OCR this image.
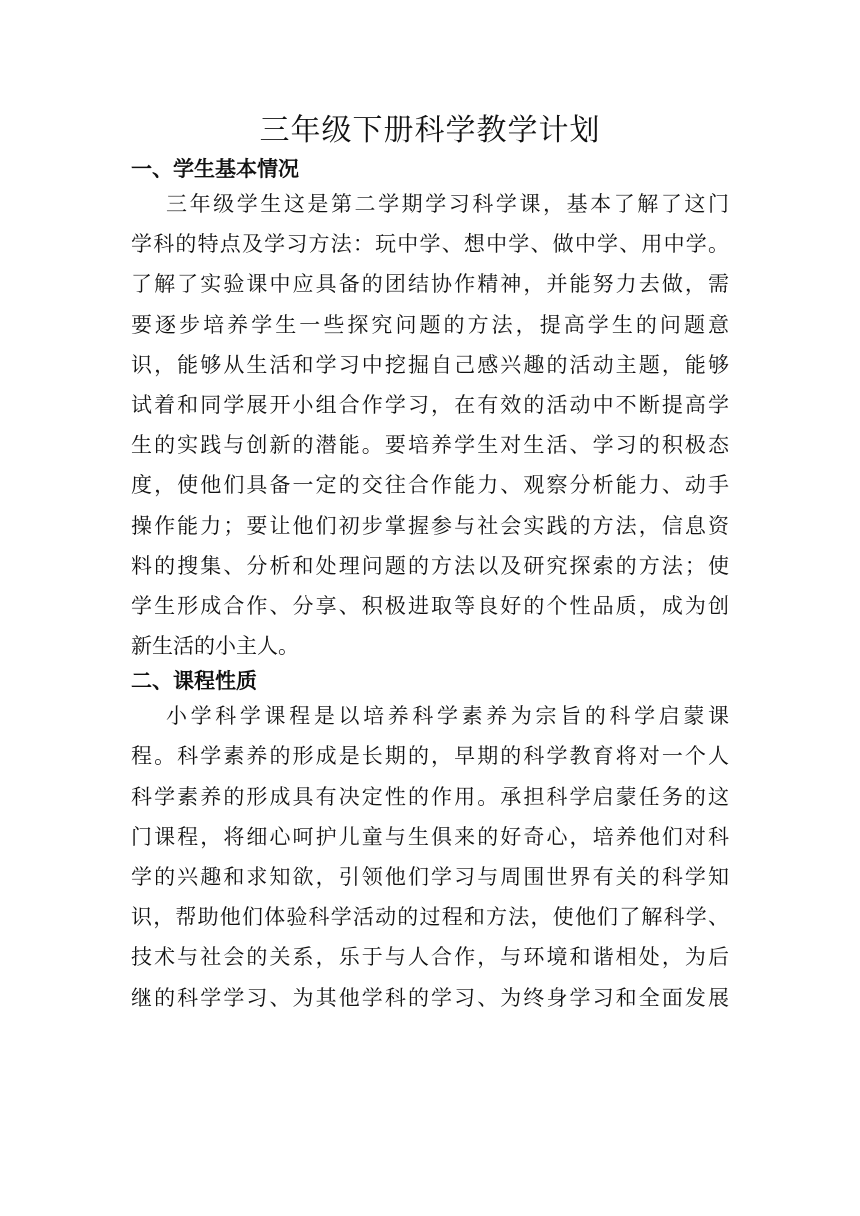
三年级下册科学教学计划
一、学生基本情况
三年级学生这是第二学期学习科学课，基本了解了这门
学科的特点及学习方法：玩中学、想中学、做中学、用中学。
了解了实验课中应具备的团结协作精神，并能努力去做，需
要逐步培养学生一些探究问题的方法，提高学生的问题意
识，能够从生活和学习中挖掘自己感兴趣的活动主题，能够
试着和同学展开小组合作学习，在有效的活动中不断提高学
生的实践与创新的潜能。要培养学生对生活、学习的积极态
度，使他们具备一定的交往合作能力、观察分析能力、动手
操作能力；要让他们初步掌握参与社会实践的方法，信息资
料的搜集、分析和处理问题的方法以及研究探索的方法；使
学生形成合作、分享、积极进取等良好的个性品质，成为创
新生活的小主人。
二、课程性质
小学科学课程是以培养科学素养为宗旨的科学启蒙课
程。科学素养的形成是长期的，早期的科学教育将对一个人
科学素养的形成具有决定性的作用。承担科学启蒙任务的这
门课程，将细心呵护儿童与生俱来的好奇心，培养他们对科
学的兴趣和求知欲，引领他们学习与周围世界有关的科学知
识，帮助他们体验科学活动的过程和方法，使他们了解科学、
技术与社会的关系，乐于与人合作，与环境和谐相处，为后
继的科学学习、为其他学科的学习、为终身学习和全面发展
